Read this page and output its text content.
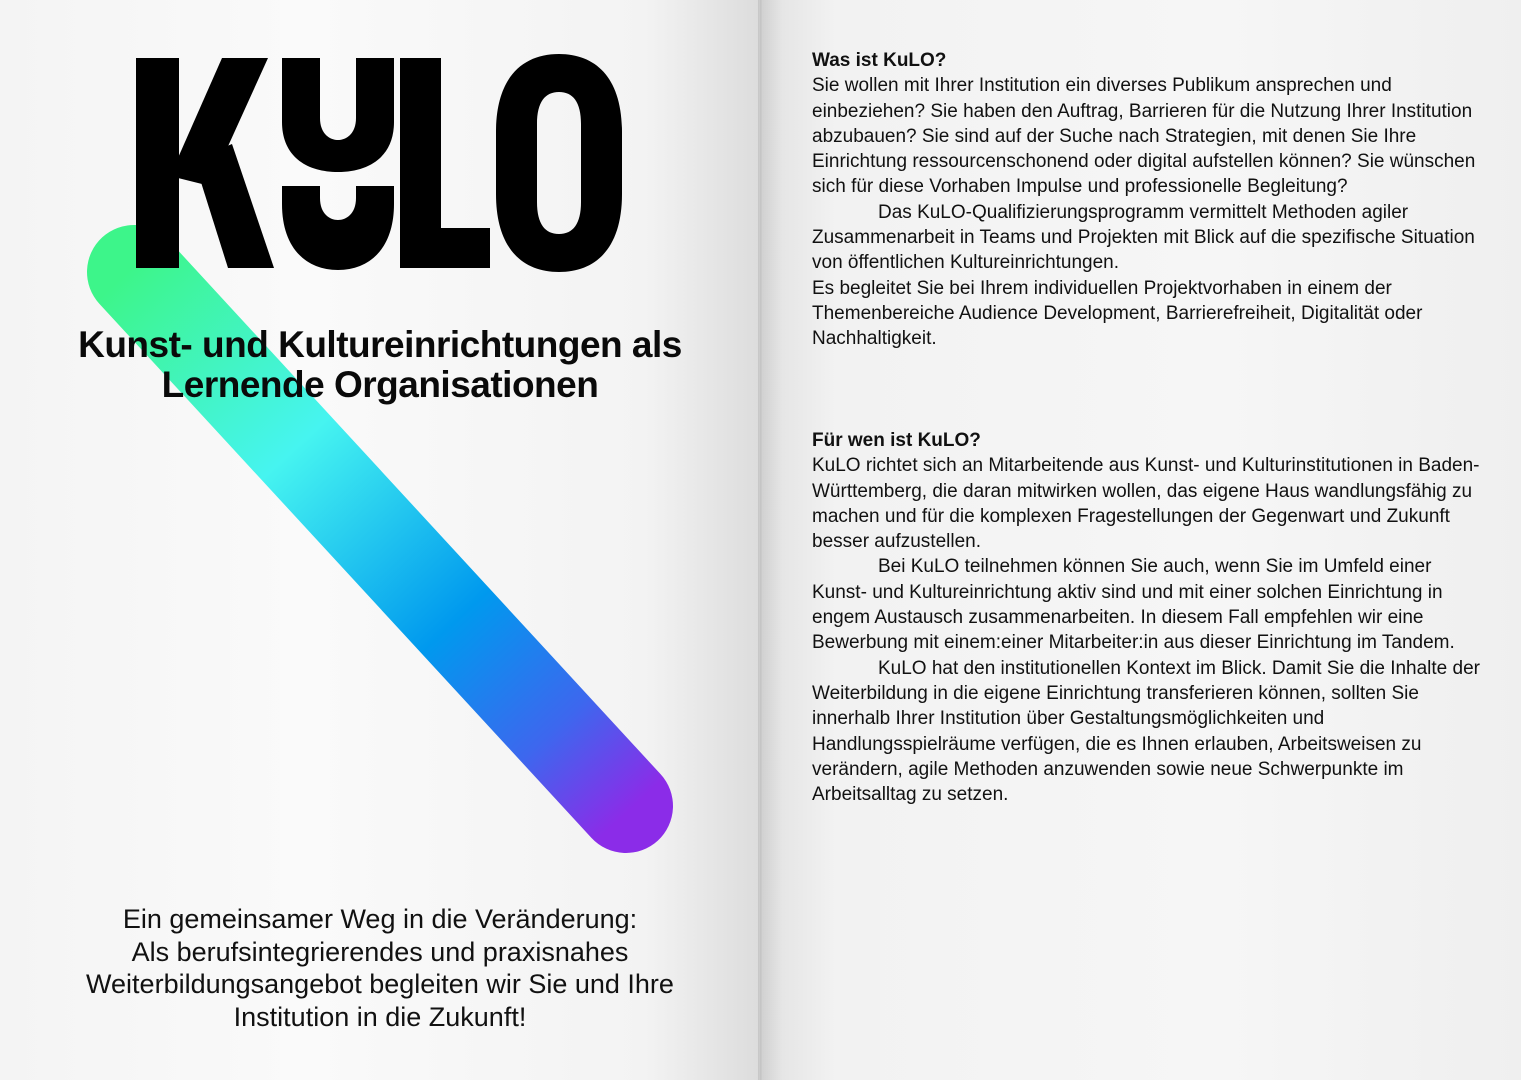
Kunst- und Kultureinrichtungen als
Lernende Organisationen

Ein gemeinsamer Weg in die Veränderung:
Als berufsintegrierendes und praxisnahes
Weiterbildungsangebot begleiten wir Sie und Ihre
Institution in die Zukunft!

Was ist KuLO?

Sie wollen mit Ihrer Institution ein diverses Publikum ansprechen und einbeziehen? Sie haben den Auftrag, Barrieren für die Nutzung Ihrer Institution abzubauen? Sie sind auf der Suche nach Strategien, mit denen Sie Ihre Einrichtung ressourcenschonend oder digital aufstellen können? Sie wünschen sich für diese Vorhaben Impulse und professionelle Begleitung?

Das KuLO-Qualifizierungsprogramm vermittelt Methoden agiler Zusammenarbeit in Teams und Projekten mit Blick auf die spezifische Situation von öffentlichen Kultureinrichtungen.

Es begleitet Sie bei Ihrem individuellen Projektvorhaben in einem der Themenbereiche Audience Development, Barrierefreiheit, Digitalität oder Nachhaltigkeit.

Für wen ist KuLO?

KuLO richtet sich an Mitarbeitende aus Kunst- und Kulturinstitutionen in Baden-Württemberg, die daran mitwirken wollen, das eigene Haus wandlungsfähig zu machen und für die komplexen Fragestellungen der Gegenwart und Zukunft besser aufzustellen.

Bei KuLO teilnehmen können Sie auch, wenn Sie im Umfeld einer Kunst- und Kultureinrichtung aktiv sind und mit einer solchen Einrichtung in engem Austausch zusammenarbeiten. In diesem Fall empfehlen wir eine Bewerbung mit einem:einer Mitarbeiter:in aus dieser Einrichtung im Tandem.

KuLO hat den institutionellen Kontext im Blick. Damit Sie die Inhalte der Weiterbildung in die eigene Einrichtung transferieren können, sollten Sie innerhalb Ihrer Institution über Gestaltungsmöglichkeiten und Handlungsspielräume verfügen, die es Ihnen erlauben, Arbeitsweisen zu verändern, agile Methoden anzuwenden sowie neue Schwerpunkte im Arbeitsalltag zu setzen.
